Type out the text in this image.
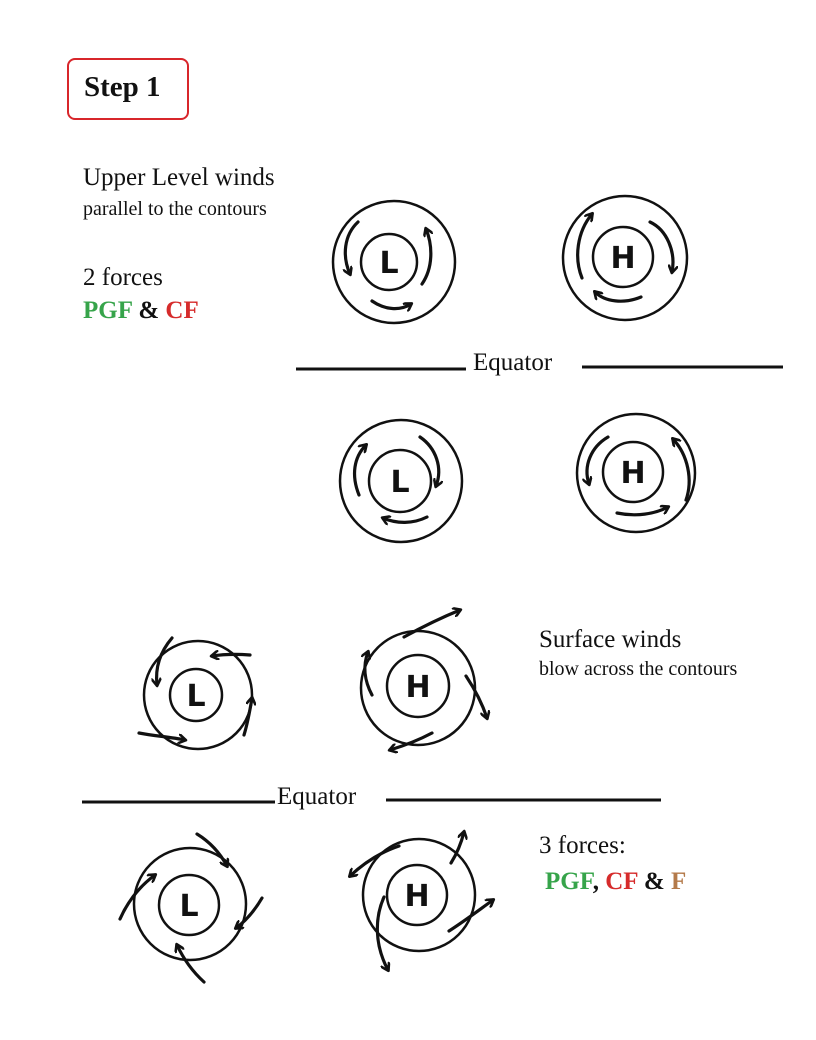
Step 1
Upper Level winds
parallel to the contours
2 forces
PGF & CF
Equator
Equator
Surface winds
blow across the contours
3 forces:
PGF, CF & F
L	H
L	H
L	H
L	H
